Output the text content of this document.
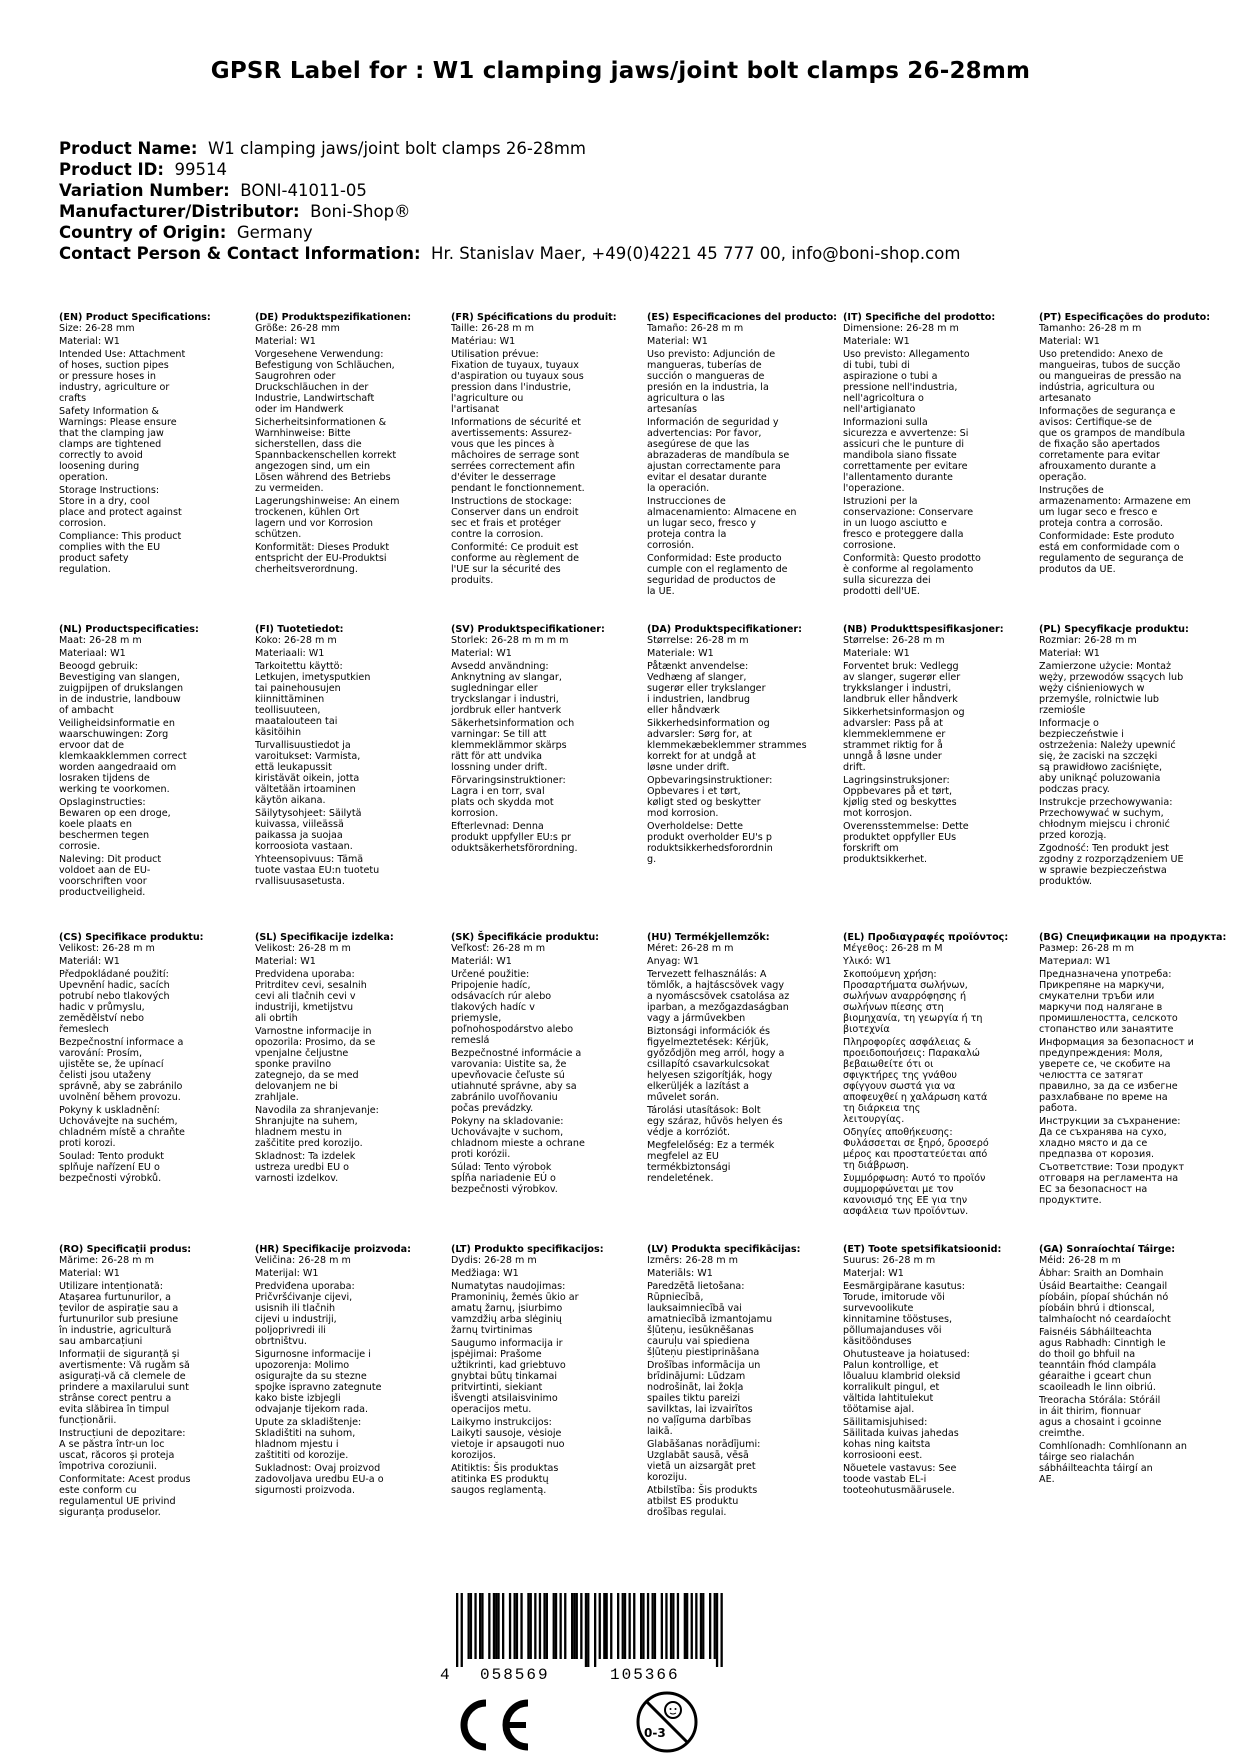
GPSR Label for : W1 clamping jaws/joint bolt clamps 26-28mm
Product Name: W1 clamping jaws/joint bolt clamps 26-28mm
Product ID: 99514
Variation Number: BONI-41011-05
Manufacturer/Distributor: Boni-Shop®
Country of Origin: Germany
Contact Person & Contact Information: Hr. Stanislav Maer, +49(0)4221 45 777 00, info@boni-shop.com
(EN) Product Specifications:

Size: 26-28 mm

Material: W1

Intended Use: Attachment
of hoses, suction pipes
or pressure hoses in
industry, agriculture or
crafts

Safety Information &
Warnings: Please ensure
that the clamping jaw
clamps are tightened
correctly to avoid
loosening during
operation.

Storage Instructions:
Store in a dry, cool
place and protect against
corrosion.

Compliance: This product
complies with the EU
product safety
regulation.

(DE) Produktspezifikationen:

Größe: 26-28 mm

Material: W1

Vorgesehene Verwendung:
Befestigung von Schläuchen,
Saugrohren oder
Druckschläuchen in der
Industrie, Landwirtschaft
oder im Handwerk

Sicherheitsinformationen &
Warnhinweise: Bitte
sicherstellen, dass die
Spannbackenschellen korrekt
angezogen sind, um ein
Lösen während des Betriebs
zu vermeiden.

Lagerungshinweise: An einem
trockenen, kühlen Ort
lagern und vor Korrosion
schützen.

Konformität: Dieses Produkt
entspricht der EU-Produktsi
cherheitsverordnung.

(FR) Spécifications du produit:

Taille: 26-28 m m

Matériau: W1

Utilisation prévue:
Fixation de tuyaux, tuyaux
d'aspiration ou tuyaux sous
pression dans l'industrie,
l'agriculture ou
l'artisanat

Informations de sécurité et
avertissements: Assurez-
vous que les pinces à
mâchoires de serrage sont
serrées correctement afin
d'éviter le desserrage
pendant le fonctionnement.

Instructions de stockage:
Conserver dans un endroit
sec et frais et protéger
contre la corrosion.

Conformité: Ce produit est
conforme au règlement de
l'UE sur la sécurité des
produits.

(ES) Especificaciones del producto:

Tamaño: 26-28 m m

Material: W1

Uso previsto: Adjunción de
mangueras, tuberías de
succión o mangueras de
presión en la industria, la
agricultura o las
artesanías

Información de seguridad y
advertencias: Por favor,
asegúrese de que las
abrazaderas de mandíbula se
ajustan correctamente para
evitar el desatar durante
la operación.

Instrucciones de
almacenamiento: Almacene en
un lugar seco, fresco y
proteja contra la
corrosión.

Conformidad: Este producto
cumple con el reglamento de
seguridad de productos de
la UE.

(IT) Specifiche del prodotto:

Dimensione: 26-28 m m

Materiale: W1

Uso previsto: Allegamento
di tubi, tubi di
aspirazione o tubi a
pressione nell'industria,
nell'agricoltura o
nell'artigianato

Informazioni sulla
sicurezza e avvertenze: Si
assicuri che le punture di
mandibola siano fissate
correttamente per evitare
l'allentamento durante
l'operazione.

Istruzioni per la
conservazione: Conservare
in un luogo asciutto e
fresco e proteggere dalla
corrosione.

Conformità: Questo prodotto
è conforme al regolamento
sulla sicurezza dei
prodotti dell'UE.

(PT) Especificações do produto:

Tamanho: 26-28 m m

Material: W1

Uso pretendido: Anexo de
mangueiras, tubos de sucção
ou mangueiras de pressão na
indústria, agricultura ou
artesanato

Informações de segurança e
avisos: Certifique-se de
que os grampos de mandíbula
de fixação são apertados
corretamente para evitar
afrouxamento durante a
operação.

Instruções de
armazenamento: Armazene em
um lugar seco e fresco e
proteja contra a corrosão.

Conformidade: Este produto
está em conformidade com o
regulamento de segurança de
produtos da UE.

(NL) Productspecificaties:

Maat: 26-28 m m

Materiaal: W1

Beoogd gebruik:
Bevestiging van slangen,
zuigpijpen of drukslangen
in de industrie, landbouw
of ambacht

Veiligheidsinformatie en
waarschuwingen: Zorg
ervoor dat de
klemkaakklemmen correct
worden aangedraaid om
losraken tijdens de
werking te voorkomen.

Opslaginstructies:
Bewaren op een droge,
koele plaats en
beschermen tegen
corrosie.

Naleving: Dit product
voldoet aan de EU-
voorschriften voor
productveiligheid.

(FI) Tuotetiedot:

Koko: 26-28 m m

Materiaali: W1

Tarkoitettu käyttö:
Letkujen, imetysputkien
tai painehousujen
kiinnittäminen
teollisuuteen,
maatalouteen tai
käsitöihin

Turvallisuustiedot ja
varoitukset: Varmista,
että leukapussit
kiristävät oikein, jotta
vältetään irtoaminen
käytön aikana.

Säilytysohjeet: Säilytä
kuivassa, viileässä
paikassa ja suojaa
korroosiota vastaan.

Yhteensopivuus: Tämä
tuote vastaa EU:n tuotetu
rvallisuusasetusta.

(SV) Produktspecifikationer:

Storlek: 26-28 m m m m

Material: W1

Avsedd användning:
Anknytning av slangar,
sugledningar eller
tryckslangar i industri,
jordbruk eller hantverk

Säkerhetsinformation och
varningar: Se till att
klemmeklämmor skärps
rätt för att undvika
lossning under drift.

Förvaringsinstruktioner:
Lagra i en torr, sval
plats och skydda mot
korrosion.

Efterlevnad: Denna
produkt uppfyller EU:s pr
oduktsäkerhetsförordning.

(DA) Produktspecifikationer:

Størrelse: 26-28 m m

Materiale: W1

Påtænkt anvendelse:
Vedhæng af slanger,
sugerør eller trykslanger
i industrien, landbrug
eller håndværk

Sikkerhedsinformation og
advarsler: Sørg for, at
klemmekæbeklemmer strammes
korrekt for at undgå at
løsne under drift.

Opbevaringsinstruktioner:
Opbevares i et tørt,
køligt sted og beskytter
mod korrosion.

Overholdelse: Dette
produkt overholder EU's p
roduktsikkerhedsforordnin
g.

(NB) Produkttspesifikasjoner:

Størrelse: 26-28 m m

Materiale: W1

Forventet bruk: Vedlegg
av slanger, sugerør eller
trykkslanger i industri,
landbruk eller håndverk

Sikkerhetsinformasjon og
advarsler: Pass på at
klemmeklemmene er
strammet riktig for å
unngå å løsne under
drift.

Lagringsinstruksjoner:
Oppbevares på et tørt,
kjølig sted og beskyttes
mot korrosjon.

Overensstemmelse: Dette
produktet oppfyller EUs
forskrift om
produktsikkerhet.

(PL) Specyfikacje produktu:

Rozmiar: 26-28 m m

Materiał: W1

Zamierzone użycie: Montaż
węży, przewodów ssących lub
węży ciśnieniowych w
przemyśle, rolnictwie lub
rzemiośle

Informacje o
bezpieczeństwie i
ostrzeżenia: Należy upewnić
się, że zaciski na szczęki
są prawidłowo zaciśnięte,
aby uniknąć poluzowania
podczas pracy.

Instrukcje przechowywania:
Przechowywać w suchym,
chłodnym miejscu i chronić
przed korozją.

Zgodność: Ten produkt jest
zgodny z rozporządzeniem UE
w sprawie bezpieczeństwa
produktów.

(CS) Specifikace produktu:

Velikost: 26-28 m m

Materiál: W1

Předpokládané použití:
Upevnění hadic, sacích
potrubí nebo tlakových
hadic v průmyslu,
zemědělství nebo
řemeslech

Bezpečnostní informace a
varování: Prosím,
ujistěte se, že upínací
čelisti jsou utaženy
správně, aby se zabránilo
uvolnění během provozu.

Pokyny k uskladnění:
Uchovávejte na suchém,
chladném místě a chraňte
proti korozi.

Soulad: Tento produkt
splňuje nařízení EU o
bezpečnosti výrobků.

(SL) Specifikacije izdelka:

Velikost: 26-28 m m

Material: W1

Predvidena uporaba:
Pritrditev cevi, sesalnih
cevi ali tlačnih cevi v
industriji, kmetijstvu
ali obrtih

Varnostne informacije in
opozorila: Prosimo, da se
vpenjalne čeljustne
sponke pravilno
zategnejo, da se med
delovanjem ne bi
zrahljale.

Navodila za shranjevanje:
Shranjujte na suhem,
hladnem mestu in
zaščitite pred korozijo.

Skladnost: Ta izdelek
ustreza uredbi EU o
varnosti izdelkov.

(SK) Špecifikácie produktu:

Veľkosť: 26-28 m m

Materiál: W1

Určené použitie:
Pripojenie hadíc,
odsávacích rúr alebo
tlakových hadíc v
priemysle,
poľnohospodárstvo alebo
remeslá

Bezpečnostné informácie a
varovania: Uistite sa, že
upevňovacie čeľuste sú
utiahnuté správne, aby sa
zabránilo uvoľňovaniu
počas prevádzky.

Pokyny na skladovanie:
Uchovávajte v suchom,
chladnom mieste a ochrane
proti korózii.

Súlad: Tento výrobok
spĺňa nariadenie EÚ o
bezpečnosti výrobkov.

(HU) Termékjellemzők:

Méret: 26-28 m m

Anyag: W1

Tervezett felhasználás: A
tömlők, a hajtáscsövek vagy
a nyomáscsövek csatolása az
iparban, a mezőgazdaságban
vagy a járművekben

Biztonsági információk és
figyelmeztetések: Kérjük,
győződjön meg arról, hogy a
csillapító csavarkulcsokat
helyesen szigorítják, hogy
elkerüljék a lazítást a
művelet során.

Tárolási utasítások: Bolt
egy száraz, hűvös helyen és
védje a korróziót.

Megfelelőség: Ez a termék
megfelel az EU
termékbiztonsági
rendeletének.

(EL) Προδιαγραφές προϊόντος:

Μέγεθος: 26-28 m M

Υλικό: W1

Σκοπούμενη χρήση:
Προσαρτήματα σωλήνων,
σωλήνων αναρρόφησης ή
σωλήνων πίεσης στη
βιομηχανία, τη γεωργία ή τη
βιοτεχνία

Πληροφορίες ασφάλειας &
προειδοποιήσεις: Παρακαλώ
βεβαιωθείτε ότι οι
σφιγκτήρες της γνάθου
σφίγγουν σωστά για να
αποφευχθεί η χαλάρωση κατά
τη διάρκεια της
λειτουργίας.

Οδηγίες αποθήκευσης:
Φυλάσσεται σε ξηρό, δροσερό
μέρος και προστατεύεται από
τη διάβρωση.

Συμμόρφωση: Αυτό το προϊόν
συμμορφώνεται με τον
κανονισμό της ΕΕ για την
ασφάλεια των προϊόντων.

(BG) Спецификации на продукта:

Размер: 26-28 m m

Материал: W1

Предназначена употреба:
Прикрепяне на маркучи,
смукателни тръби или
маркучи под налягане в
промишлеността, селското
стопанство или занаятите

Информация за безопасност и
предупреждения: Моля,
уверете се, че скобите на
челюстта се затягат
правилно, за да се избегне
разхлабване по време на
работа.

Инструкции за съхранение:
Да се съхранява на сухо,
хладно място и да се
предпазва от корозия.

Съответствие: Този продукт
отговаря на регламента на
ЕС за безопасност на
продуктите.

(RO) Specificații produs:

Mărime: 26-28 m m

Material: W1

Utilizare intenționată:
Atașarea furtunurilor, a
țevilor de aspirație sau a
furtunurilor sub presiune
în industrie, agricultură
sau ambarcațiuni

Informații de siguranță și
avertismente: Vă rugăm să
asigurați-vă că clemele de
prindere a maxilarului sunt
strânse corect pentru a
evita slăbirea în timpul
funcționării.

Instrucțiuni de depozitare:
A se păstra într-un loc
uscat, răcoros și proteja
împotriva coroziunii.

Conformitate: Acest produs
este conform cu
regulamentul UE privind
siguranța produselor.

(HR) Specifikacije proizvoda:

Veličina: 26-28 m m

Materijal: W1

Predviđena uporaba:
Pričvršćivanje cijevi,
usisnih ili tlačnih
cijevi u industriji,
poljoprivredi ili
obrtništvu.

Sigurnosne informacije i
upozorenja: Molimo
osigurajte da su stezne
spojke ispravno zategnute
kako biste izbjegli
odvajanje tijekom rada.

Upute za skladištenje:
Skladištiti na suhom,
hladnom mjestu i
zaštititi od korozije.

Sukladnost: Ovaj proizvod
zadovoljava uredbu EU-a o
sigurnosti proizvoda.

(LT) Produkto specifikacijos:

Dydis: 26-28 m m

Medžiaga: W1

Numatytas naudojimas:
Pramoninių, žemės ūkio ar
amatų žarnų, įsiurbimo
vamzdžių arba slėginių
žarnų tvirtinimas

Saugumo informacija ir
įspėjimai: Prašome
užtikrinti, kad griebtuvo
gnybtai būtų tinkamai
pritvirtinti, siekiant
išvengti atsilaisvinimo
operacijos metu.

Laikymo instrukcijos:
Laikyti sausoje, vėsioje
vietoje ir apsaugoti nuo
korozijos.

Atitiktis: Šis produktas
atitinka ES produktų
saugos reglamentą.

(LV) Produkta specifikācijas:

Izmērs: 26-28 m m

Materiāls: W1

Paredzētā lietošana:
Rūpniecībā,
lauksaimniecībā vai
amatniecībā izmantojamu
šļūteņu, iesūknēšanas
cauruļu vai spiediena
šļūteņu piestiprināšana

Drošības informācija un
brīdinājumi: Lūdzam
nodrošināt, lai žokļa
spailes tiktu pareizi
savilktas, lai izvairītos
no vaļīguma darbības
laikā.

Glabāšanas norādījumi:
Uzglabāt sausā, vēsā
vietā un aizsargāt pret
koroziju.

Atbilstība: Šis produkts
atbilst ES produktu
drošības regulai.

(ET) Toote spetsifikatsioonid:

Suurus: 26-28 m m

Materjal: W1

Eesmärgipärane kasutus:
Torude, imitorude või
survevoolikute
kinnitamine tööstuses,
põllumajanduses või
käsitöönduses

Ohutusteave ja hoiatused:
Palun kontrollige, et
lõualuu klambrid oleksid
korralikult pingul, et
vältida lahtitulekut
töötamise ajal.

Säilitamisjuhised:
Säilitada kuivas jahedas
kohas ning kaitsta
korrosiooni eest.

Nõuetele vastavus: See
toode vastab EL-i
tooteohutusmäärusele.

(GA) Sonraíochtaí Táirge:

Méid: 26-28 m m

Ábhar: Sraith an Domhain

Úsáid Beartaithe: Ceangail
píobáin, píopaí shúchán nó
píobáin bhrú i dtionscal,
talmhaíocht nó ceardaíocht

Faisnéis Sábháilteachta
agus Rabhadh: Cinntigh le
do thoil go bhfuil na
teanntáin fhód clampála
géaraithe i gceart chun
scaoileadh le linn oibriú.

Treoracha Stórála: Stóráil
in áit thirim, fionnuar
agus a chosaint i gcoinne
creimthe.

Comhlíonadh: Comhlíonann an
táirge seo rialachán
sábháilteachta táirgí an
AE.

4 058569	105366
0-3
